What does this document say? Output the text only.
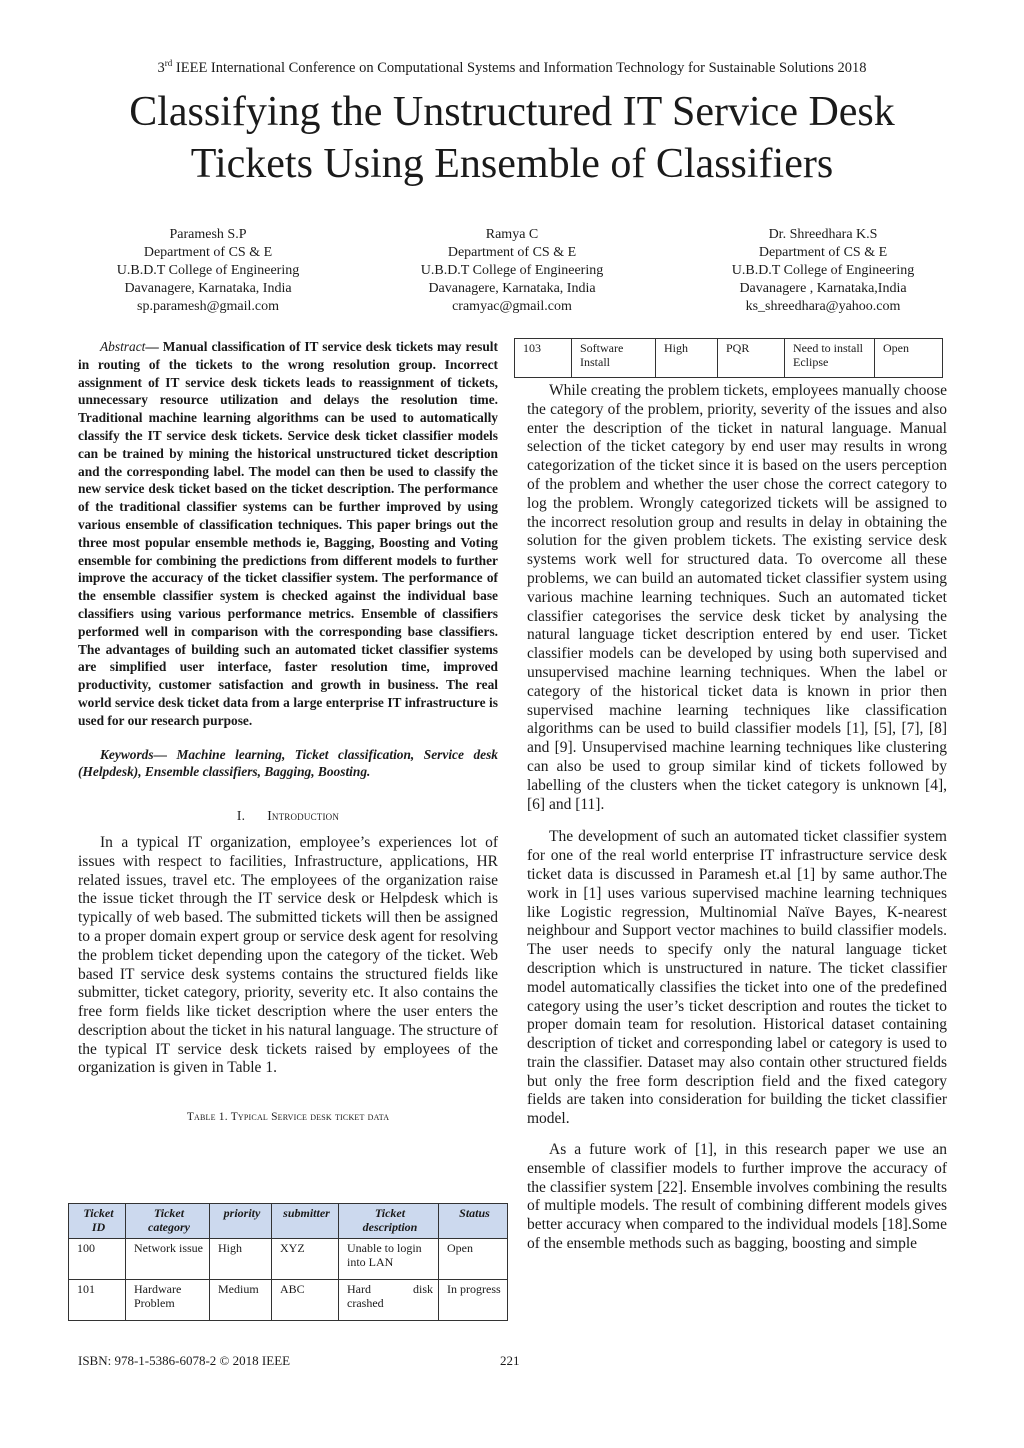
3rd IEEE International Conference on Computational Systems and Information Technology for Sustainable Solutions 2018
Classifying the Unstructured IT Service Desk
Tickets Using Ensemble of Classifiers
Paramesh S.P
Department of CS & E
U.B.D.T College of Engineering
Davanagere, Karnataka, India
sp.paramesh@gmail.com
Ramya C
Department of CS & E
U.B.D.T College of Engineering
Davanagere, Karnataka, India
cramyac@gmail.com
Dr. Shreedhara K.S
Department of CS & E
U.B.D.T College of Engineering
Davanagere , Karnataka,India
ks_shreedhara@yahoo.com

Abstract— Manual classification of IT service desk tickets may result in routing of the tickets to the wrong resolution group. Incorrect assignment of IT service desk tickets leads to reassignment of tickets, unnecessary resource utilization and delays the resolution time. Traditional machine learning algorithms can be used to automatically classify the IT service desk tickets. Service desk ticket classifier models can be trained by mining the historical unstructured ticket description and the corresponding label. The model can then be used to classify the new service desk ticket based on the ticket description. The performance of the traditional classifier systems can be further improved by using various ensemble of classification techniques. This paper brings out the three most popular ensemble methods ie, Bagging, Boosting and Voting ensemble for combining the predictions from different models to further improve the accuracy of the ticket classifier system. The performance of the ensemble classifier system is checked against the individual base classifiers using various performance metrics. Ensemble of classifiers performed well in comparison with the corresponding base classifiers. The advantages of building such an automated ticket classifier systems are simplified user interface, faster resolution time, improved productivity, customer satisfaction and growth in business. The real world service desk ticket data from a large enterprise IT infrastructure is used for our research purpose.

Keywords— Machine learning, Ticket classification, Service desk (Helpdesk), Ensemble classifiers, Bagging, Boosting.

I. Introduction

In a typical IT organization, employee’s experiences lot of issues with respect to facilities, Infrastructure, applications, HR related issues, travel etc. The employees of the organization raise the issue ticket through the IT service desk or Helpdesk which is typically of web based. The submitted tickets will then be assigned to a proper domain expert group or service desk agent for resolving the problem ticket depending upon the category of the ticket. Web based IT service desk systems contains the structured fields like submitter, ticket category, priority, severity etc. It also contains the free form fields like ticket description where the user enters the description about the ticket in his natural language. The structure of the typical IT service desk tickets raised by employees of the organization is given in Table 1.

Table 1. Typical Service desk ticket data
Ticket ID	Ticket category	priority	submitter	Ticket description	Status
100	Network issue	High	XYZ	Unable to login into LAN	Open
101	Hardware Problem	Medium	ABC	Hard disk crashed	In progress
103	Software Install	High	PQR	Need to install Eclipse	Open

While creating the problem tickets, employees manually choose the category of the problem, priority, severity of the issues and also enter the description of the ticket in natural language. Manual selection of the ticket category by end user may results in wrong categorization of the ticket since it is based on the users perception of the problem and whether the user chose the correct category to log the problem. Wrongly categorized tickets will be assigned to the incorrect resolution group and results in delay in obtaining the solution for the given problem tickets. The existing service desk systems work well for structured data. To overcome all these problems, we can build an automated ticket classifier system using various machine learning techniques. Such an automated ticket classifier categorises the service desk ticket by analysing the natural language ticket description entered by end user. Ticket classifier models can be developed by using both supervised and unsupervised machine learning techniques. When the label or category of the historical ticket data is known in prior then supervised machine learning techniques like classification algorithms can be used to build classifier models [1], [5], [7], [8] and [9]. Unsupervised machine learning techniques like clustering can also be used to group similar kind of tickets followed by labelling of the clusters when the ticket category is unknown [4], [6] and [11].

The development of such an automated ticket classifier system for one of the real world enterprise IT infrastructure service desk ticket data is discussed in Paramesh et.al [1] by same author.The work in [1] uses various supervised machine learning techniques like Logistic regression, Multinomial Naïve Bayes, K-nearest neighbour and Support vector machines to build classifier models. The user needs to specify only the natural language ticket description which is unstructured in nature. The ticket classifier model automatically classifies the ticket into one of the predefined category using the user’s ticket description and routes the ticket to proper domain team for resolution. Historical dataset containing description of ticket and corresponding label or category is used to train the classifier. Dataset may also contain other structured fields but only the free form description field and the fixed category fields are taken into consideration for building the ticket classifier model.

As a future work of [1], in this research paper we use an ensemble of classifier models to further improve the accuracy of the classifier system [22]. Ensemble involves combining the results of multiple models. The result of combining different models gives better accuracy when compared to the individual models [18].Some of the ensemble methods such as bagging, boosting and simple

ISBN: 978-1-5386-6078-2 © 2018 IEEE	221
